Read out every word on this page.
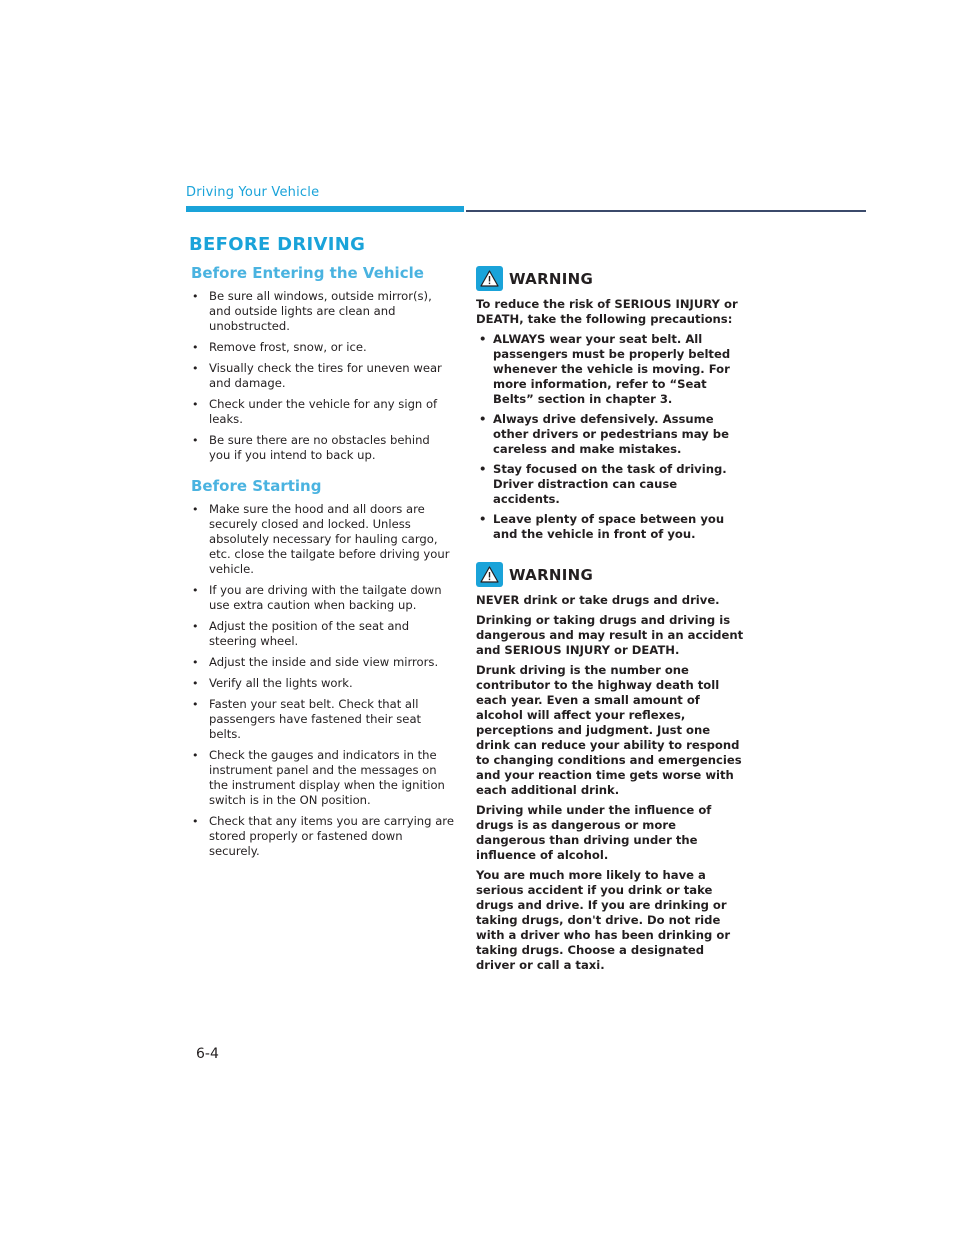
Driving Your Vehicle
BEFORE DRIVING
Before Entering the Vehicle
• Be sure all windows, outside mirror(s), and outside lights are clean and unobstructed.
• Remove frost, snow, or ice.
• Visually check the tires for uneven wear and damage.
• Check under the vehicle for any sign of leaks.
• Be sure there are no obstacles behind you if you intend to back up.
Before Starting
• Make sure the hood and all doors are securely closed and locked. Unless absolutely necessary for hauling cargo, etc. close the tailgate before driving your vehicle.
• If you are driving with the tailgate down use extra caution when backing up.
• Adjust the position of the seat and steering wheel.
• Adjust the inside and side view mirrors.
• Verify all the lights work.
• Fasten your seat belt. Check that all passengers have fastened their seat belts.
• Check the gauges and indicators in the instrument panel and the messages on the instrument display when the ignition switch is in the ON position.
• Check that any items you are carrying are stored properly or fastened down securely.
WARNING

To reduce the risk of SERIOUS INJURY or DEATH, take the following precautions:

• ALWAYS wear your seat belt. All passengers must be properly belted whenever the vehicle is moving. For more information, refer to “Seat Belts” section in chapter 3.
• Always drive defensively. Assume other drivers or pedestrians may be careless and make mistakes.
• Stay focused on the task of driving. Driver distraction can cause accidents.
• Leave plenty of space between you and the vehicle in front of you.
WARNING

NEVER drink or take drugs and drive.

Drinking or taking drugs and driving is dangerous and may result in an accident and SERIOUS INJURY or DEATH.

Drunk driving is the number one contributor to the highway death toll each year. Even a small amount of alcohol will affect your reflexes, perceptions and judgment. Just one drink can reduce your ability to respond to changing conditions and emergencies and your reaction time gets worse with each additional drink.

Driving while under the influence of drugs is as dangerous or more dangerous than driving under the influence of alcohol.

You are much more likely to have a serious accident if you drink or take drugs and drive. If you are drinking or taking drugs, don't drive. Do not ride with a driver who has been drinking or taking drugs. Choose a designated driver or call a taxi.

6-4
